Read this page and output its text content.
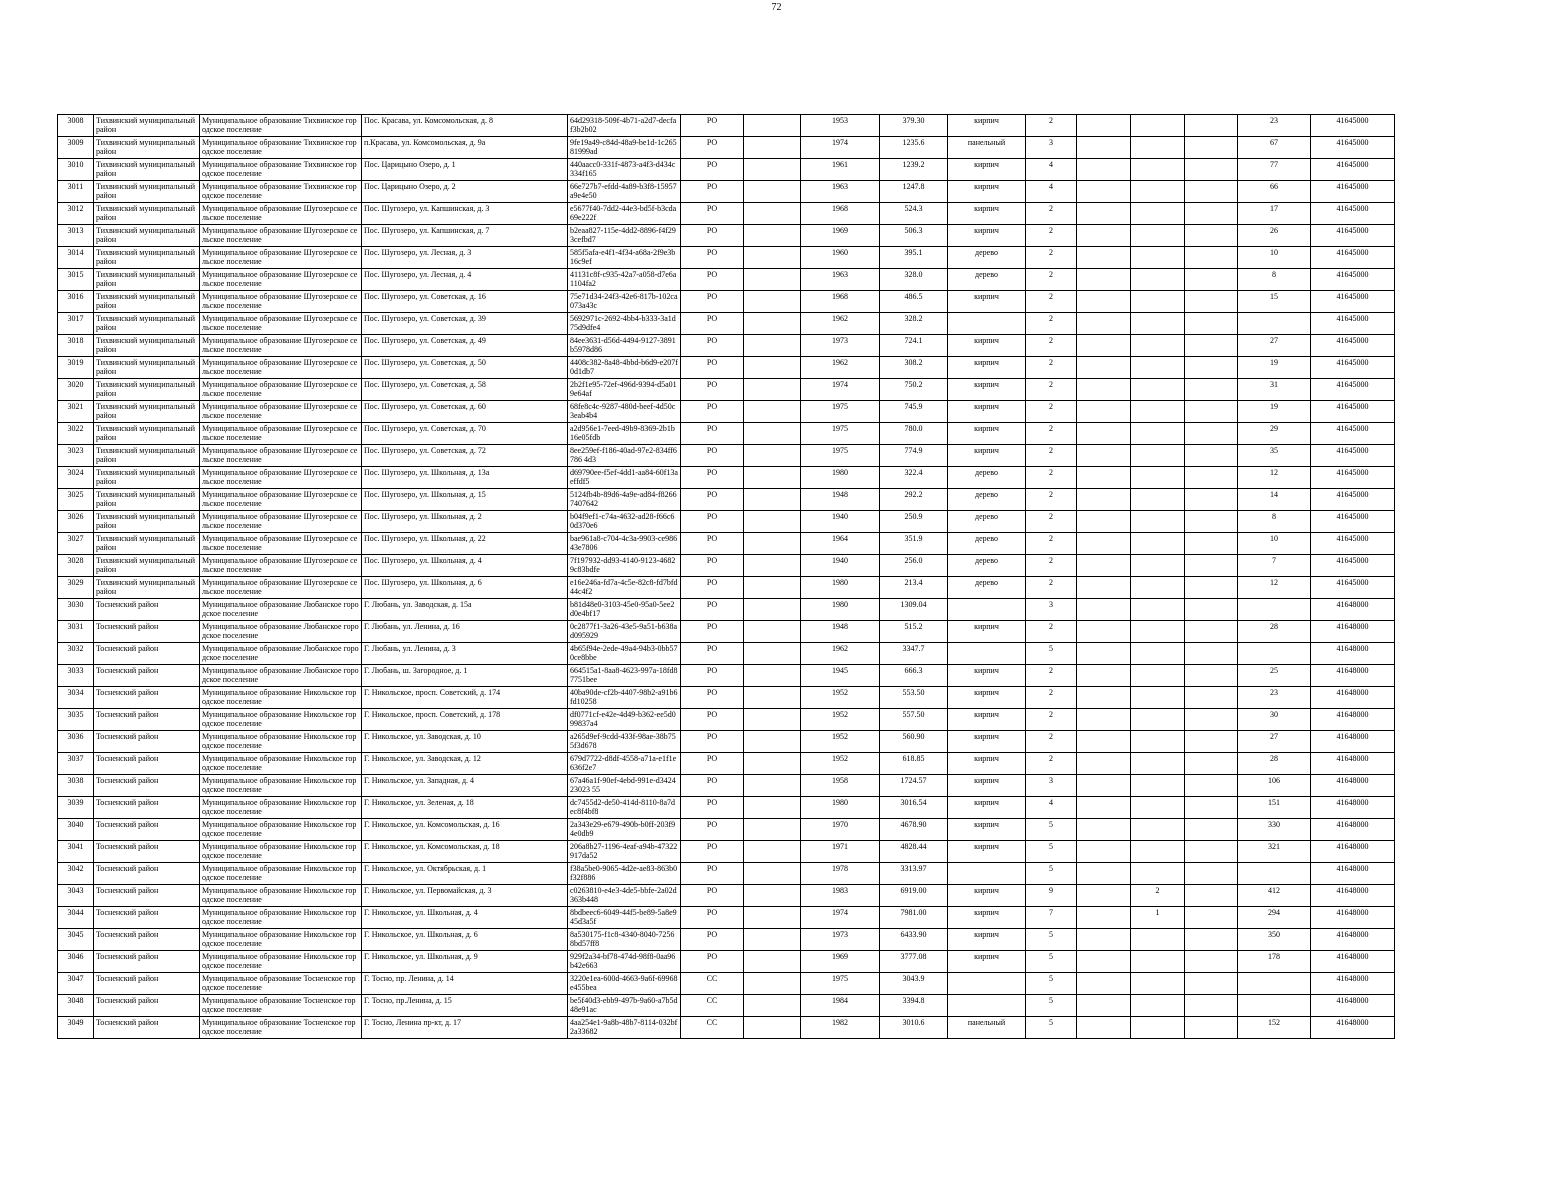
72
3008	Тихвинский муниципальный район	Муниципальное образование Тихвинское городское поселение	Пос. Красава, ул. Комсомольская, д. 8	64d29318-509f-4b71-a2d7-decfaf3b2b02	РО		1953	379.30	кирпич	2				23	41645000
3009	Тихвинский муниципальный район	Муниципальное образование Тихвинское городское поселение	п.Красава, ул. Комсомольская, д. 9а	9fe19a49-c84d-48a9-be1d-1c26581999ad	РО		1974	1235.6	панельный	3				67	41645000
3010	Тихвинский муниципальный район	Муниципальное образование Тихвинское городское поселение	Пос. Царицыно Озеро, д. 1	440aacc0-331f-4873-a4f3-d434c334f165	РО		1961	1239.2	кирпич	4				77	41645000
3011	Тихвинский муниципальный район	Муниципальное образование Тихвинское городское поселение	Пос. Царицыно Озеро, д. 2	66e727b7-efdd-4a89-b3f8-15957a9e4e50	РО		1963	1247.8	кирпич	4				66	41645000
3012	Тихвинский муниципальный район	Муниципальное образование Шугозерское сельское поселение	Пос. Шугозеро, ул. Капшинская, д. 3	e5677f40-7dd2-44e3-bd5f-b3cda69e222f	РО		1968	524.3	кирпич	2				17	41645000
3013	Тихвинский муниципальный район	Муниципальное образование Шугозерское сельское поселение	Пос. Шугозеро, ул. Капшинская, д. 7	b2eaa827-115e-4dd2-8896-f4f293cefbd7	РО		1969	506.3	кирпич	2				26	41645000
3014	Тихвинский муниципальный район	Муниципальное образование Шугозерское сельское поселение	Пос. Шугозеро, ул. Лесная, д. 3	585f5afa-e4f1-4f34-a68a-2f9e3b16c9ef	РО		1960	395.1	дерево	2				10	41645000
3015	Тихвинский муниципальный район	Муниципальное образование Шугозерское сельское поселение	Пос. Шугозеро, ул. Лесная, д. 4	41131c8f-c935-42a7-a058-d7e6a1104fa2	РО		1963	328.0	дерево	2				8	41645000
3016	Тихвинский муниципальный район	Муниципальное образование Шугозерское сельское поселение	Пос. Шугозеро, ул. Советская, д. 16	75e71d34-24f3-42e6-817b-102ca073a43c	РО		1968	486.5	кирпич	2				15	41645000
3017	Тихвинский муниципальный район	Муниципальное образование Шугозерское сельское поселение	Пос. Шугозеро, ул. Советская, д. 39	5692971c-2692-4bb4-b333-3a1d75d9dfe4	РО		1962	328.2		2					41645000
3018	Тихвинский муниципальный район	Муниципальное образование Шугозерское сельское поселение	Пос. Шугозеро, ул. Советская, д. 49	84ee3631-d56d-4494-9127-3891b5978d86	РО		1973	724.1	кирпич	2				27	41645000
3019	Тихвинский муниципальный район	Муниципальное образование Шугозерское сельское поселение	Пос. Шугозеро, ул. Советская, д. 50	4408c382-8a48-4bbd-b6d9-e207f0d1db7	РО		1962	308.2	кирпич	2				19	41645000
3020	Тихвинский муниципальный район	Муниципальное образование Шугозерское сельское поселение	Пос. Шугозеро, ул. Советская, д. 58	2b2f1e95-72ef-496d-9394-d5a019e64af	РО		1974	750.2	кирпич	2				31	41645000
3021	Тихвинский муниципальный район	Муниципальное образование Шугозерское сельское поселение	Пос. Шугозеро, ул. Советская, д. 60	68fe8c4c-9287-480d-beef-4d50c3eab4b4	РО		1975	745.9	кирпич	2				19	41645000
3022	Тихвинский муниципальный район	Муниципальное образование Шугозерское сельское поселение	Пос. Шугозеро, ул. Советская, д. 70	a2d956e1-7eed-49b9-8369-2b1b16e05fdb	РО		1975	780.0	кирпич	2				29	41645000
3023	Тихвинский муниципальный район	Муниципальное образование Шугозерское сельское поселение	Пос. Шугозеро, ул. Советская, д. 72	8ee259ef-f186-40ad-97e2-834ff6786 4d3	РО		1975	774.9	кирпич	2				35	41645000
3024	Тихвинский муниципальный район	Муниципальное образование Шугозерское сельское поселение	Пос. Шугозеро, ул. Школьная, д. 13а	d69790ee-f5ef-4dd1-aa84-60f13aeffdf5	РО		1980	322.4	дерево	2				12	41645000
3025	Тихвинский муниципальный район	Муниципальное образование Шугозерское сельское поселение	Пос. Шугозеро, ул. Школьная, д. 15	5124fb4b-89d6-4a9e-ad84-f82667407642	РО		1948	292.2	дерево	2				14	41645000
3026	Тихвинский муниципальный район	Муниципальное образование Шугозерское сельское поселение	Пос. Шугозеро, ул. Школьная, д. 2	b04f9ef1-c74a-4632-ad28-f66c60d370e6	РО		1940	250.9	дерево	2				8	41645000
3027	Тихвинский муниципальный район	Муниципальное образование Шугозерское сельское поселение	Пос. Шугозеро, ул. Школьная, д. 22	bae961a8-c704-4c3a-9903-ce98643e7806	РО		1964	351.9	дерево	2				10	41645000
3028	Тихвинский муниципальный район	Муниципальное образование Шугозерское сельское поселение	Пос. Шугозеро, ул. Школьная, д. 4	7f197932-dd93-4140-9123-46829c83bdfe	РО		1940	256.0	дерево	2				7	41645000
3029	Тихвинский муниципальный район	Муниципальное образование Шугозерское сельское поселение	Пос. Шугозеро, ул. Школьная, д. 6	e16e246a-fd7a-4c5e-82c8-fd7bfd44c4f2	РО		1980	213.4	дерево	2				12	41645000
3030	Тосненский район	Муниципальное образование Любанское городское поселение	Г. Любань, ул. Заводская, д. 15а	b81d48e0-3103-45e0-95a0-5ee2d0e4bf17	РО		1980	1309.04		3					41648000
3031	Тосненский район	Муниципальное образование Любанское городское поселение	Г. Любань, ул. Ленина, д. 16	0c2877f1-3a26-43e5-9a51-b638ad095929	РО		1948	515.2	кирпич	2				28	41648000
3032	Тосненский район	Муниципальное образование Любанское городское поселение	Г. Любань, ул. Ленина, д. 3	4b65f94e-2ede-49a4-94b3-0bb570ce8bbe	РО		1962	3347.7		5					41648000
3033	Тосненский район	Муниципальное образование Любанское городское поселение	Г. Любань, ш. Загородное, д. 1	664515a1-8aa8-4623-997a-18fd87751bee	РО		1945	666.3	кирпич	2				25	41648000
3034	Тосненский район	Муниципальное образование Никольское городское поселение	Г. Никольское, просп. Советский, д. 174	40ba90de-cf2b-4407-98b2-a91b6fd10258	РО		1952	553.50	кирпич	2				23	41648000
3035	Тосненский район	Муниципальное образование Никольское городское поселение	Г. Никольское, просп. Советский, д. 178	df0771cf-e42e-4d49-b362-ee5d099837a4	РО		1952	557.50	кирпич	2				30	41648000
3036	Тосненский район	Муниципальное образование Никольское городское поселение	Г. Никольское, ул. Заводская, д. 10	a265d9ef-9cdd-433f-98ae-38b755f3d678	РО		1952	560.90	кирпич	2				27	41648000
3037	Тосненский район	Муниципальное образование Никольское городское поселение	Г. Никольское, ул. Заводская, д. 12	679d7722-d8df-4558-a71a-e1f1e636f2e7	РО		1952	618.85	кирпич	2				28	41648000
3038	Тосненский район	Муниципальное образование Никольское городское поселение	Г. Никольское, ул. Западная, д. 4	67a46a1f-90ef-4ebd-991e-d342423023 55	РО		1958	1724.57	кирпич	3				106	41648000
3039	Тосненский район	Муниципальное образование Никольское городское поселение	Г. Никольское, ул. Зеленая, д. 18	dc7455d2-de50-414d-8110-8a7dec8f4bf8	РО		1980	3016.54	кирпич	4				151	41648000
3040	Тосненский район	Муниципальное образование Никольское городское поселение	Г. Никольское, ул. Комсомольская, д. 16	2a343e29-e679-490b-b0ff-203f94e0db9	РО		1970	4678.90	кирпич	5				330	41648000
3041	Тосненский район	Муниципальное образование Никольское городское поселение	Г. Никольское, ул. Комсомольская, д. 18	206a8b27-1196-4eaf-a94b-47322917da52	РО		1971	4828.44	кирпич	5				321	41648000
3042	Тосненский район	Муниципальное образование Никольское городское поселение	Г. Никольское, ул. Октябрьская, д. 1	f38a5be0-9065-4d2e-ae83-863b0f32f886	РО		1978	3313.97		5					41648000
3043	Тосненский район	Муниципальное образование Никольское городское поселение	Г. Никольское, ул. Первомайская, д. 3	c0263810-e4e3-4de5-bbfe-2a02d363b448	РО		1983	6919.00	кирпич	9		2		412	41648000
3044	Тосненский район	Муниципальное образование Никольское городское поселение	Г. Никольское, ул. Школьная, д. 4	8bdbeec6-6049-44f5-be89-5a8e945d3a5f	РО		1974	7981.00	кирпич	7		1		294	41648000
3045	Тосненский район	Муниципальное образование Никольское городское поселение	Г. Никольское, ул. Школьная, д. 6	8a530175-f1c8-4340-8040-72568bd57ff8	РО		1973	6433.90	кирпич	5				350	41648000
3046	Тосненский район	Муниципальное образование Никольское городское поселение	Г. Никольское, ул. Школьная, д. 9	929f2a34-bf78-474d-98f8-0aa96b42e663	РО		1969	3777.08	кирпич	5				178	41648000
3047	Тосненский район	Муниципальное образование Тосненское городское поселение	Г. Тосно, пр. Ленина, д. 14	3220e1ea-600d-4663-9a6f-69968e455bea	СС		1975	3043.9		5					41648000
3048	Тосненский район	Муниципальное образование Тосненское городское поселение	Г. Тосно, пр.Ленина, д. 15	be5f40d3-ebb9-497b-9a60-a7b5d48e91ac	СС		1984	3394.8		5					41648000
3049	Тосненский район	Муниципальное образование Тосненское городское поселение	Г. Тосно, Ленина пр-кт, д. 17	4aa254e1-9a8b-48b7-8114-032bf2a33682	СС		1982	3010.6	панельный	5				152	41648000
